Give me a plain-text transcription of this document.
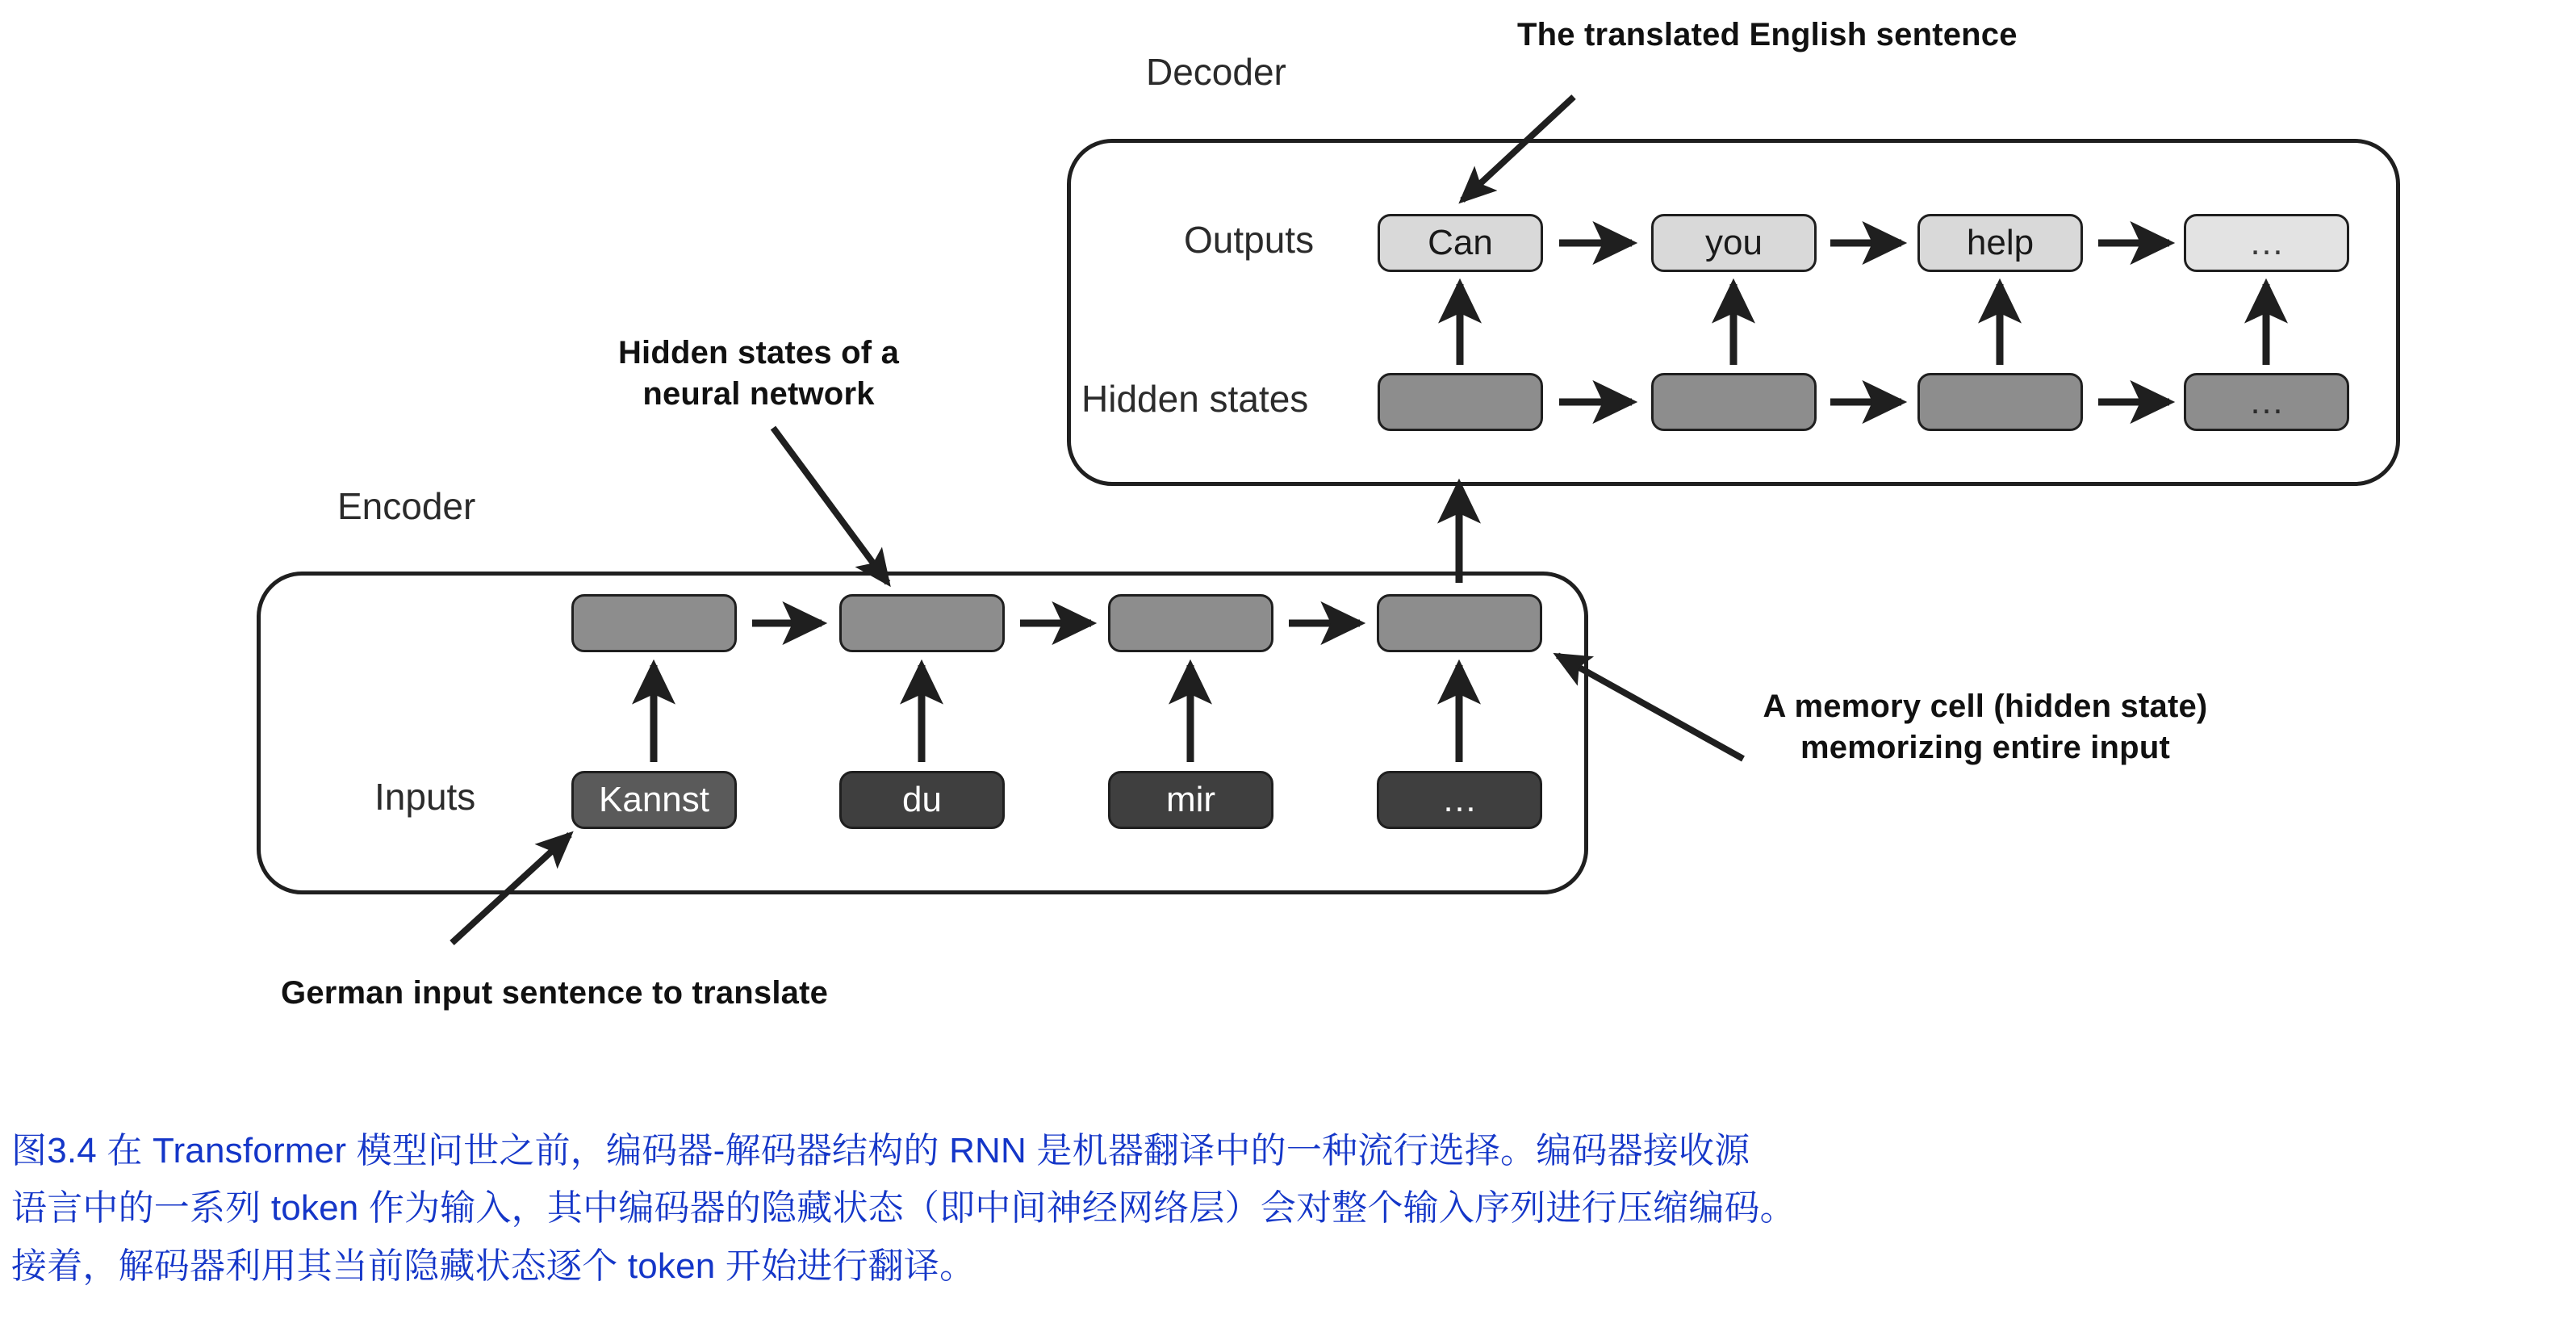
Decoder
Outputs
Hidden states
Can	you	help	…
…
Encoder
Inputs	Kannst	du	mir	…
The translated English sentence
Hidden states of a
neural network
A memory cell (hidden state)
memorizing entire input
German input sentence to translate

图3.4 在 Transformer 模型问世之前，编码器-解码器结构的 RNN 是机器翻译中的一种流行选择。编码器接收源

语言中的一系列 token 作为输入，其中编码器的隐藏状态（即中间神经网络层）会对整个输入序列进行压缩编码。

接着，解码器利用其当前隐藏状态逐个 token 开始进行翻译。
